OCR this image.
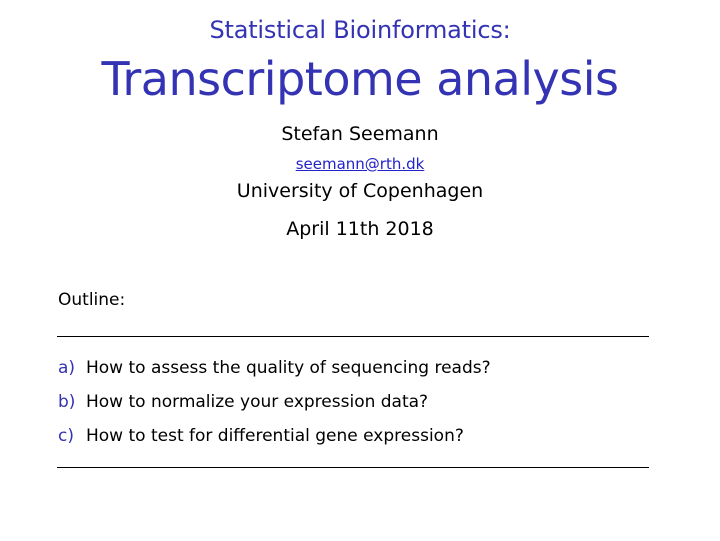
Statistical Bioinformatics:
Transcriptome analysis
Stefan Seemann
seemann@rth.dk
University of Copenhagen
April 11th 2018
Outline:
a) How to assess the quality of sequencing reads?
b) How to normalize your expression data?
c) How to test for differential gene expression?
